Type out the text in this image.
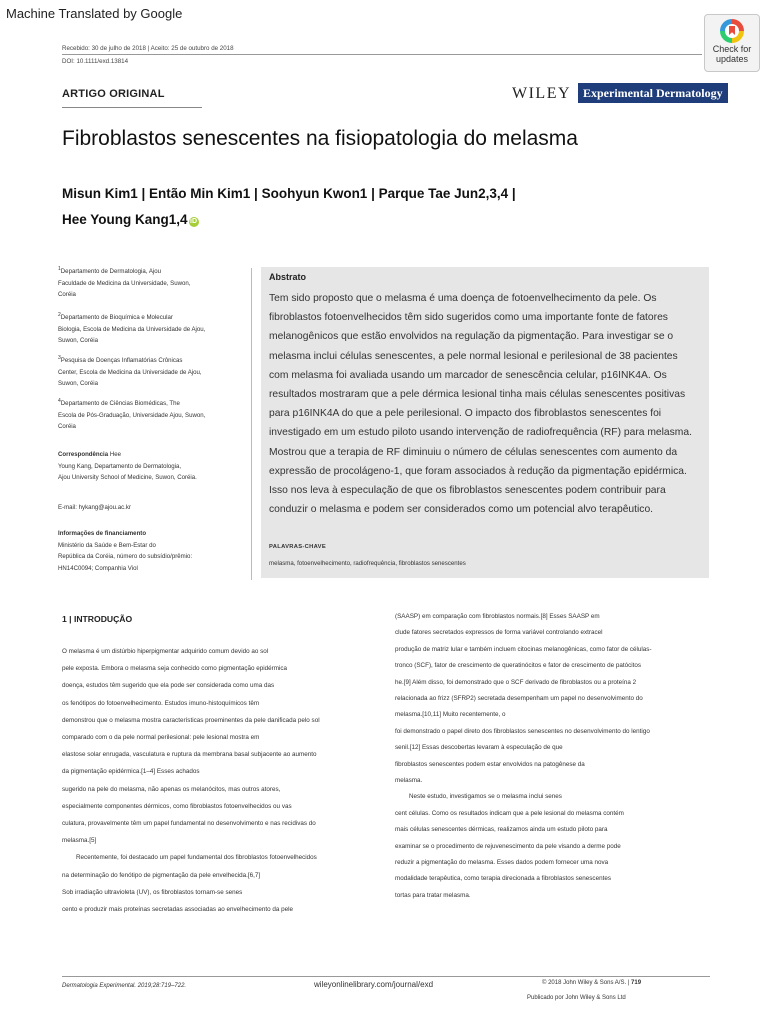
Machine Translated by Google
Check for
updates
Recebido: 30 de julho de 2018 | Aceito: 25 de outubro de 2018
DOI: 10.1111/exd.13814
ARTIGO ORIGINAL	WILEY Experimental Dermatology
Fibroblastos senescentes na fisiopatologia do melasma
Misun Kim1 | Então Min Kim1 | Soohyun Kwon1 | Parque Tae Jun2,3,4 |
Hee Young Kang1,4 iD
$^1$Departamento de Dermatologia, Ajou
Faculdade de Medicina da Universidade, Suwon,
Coréia
$^2$Departamento de Bioquímica e Molecular
Biologia, Escola de Medicina da Universidade de Ajou,
Suwon, Coréia
$^3$Pesquisa de Doenças Inflamatórias Crônicas
Center, Escola de Medicina da Universidade de Ajou,
Suwon, Coréia
$^4$Departamento de Ciências Biomédicas, The
Escola de Pós-Graduação, Universidade Ajou, Suwon,
Coréia
Correspondência Hee
Young Kang, Departamento de Dermatologia,
Ajou University School of Medicine, Suwon, Coréia.
E-mail: hykang@ajou.ac.kr
Informações de financiamento
Ministério da Saúde e Bem-Estar do
República da Coréia, número do subsídio/prêmio:
HN14C0094; Companhia Viol
Abstrato
Tem sido proposto que o melasma é uma doença de fotoenvelhecimento da pele. Os
fibroblastos fotoenvelhecidos têm sido sugeridos como uma importante fonte de fatores
melanogênicos que estão envolvidos na regulação da pigmentação. Para investigar se o
melasma inclui células senescentes, a pele normal lesional e perilesional de 38 pacientes
com melasma foi avaliada usando um marcador de senescência celular, p16INK4A. Os
resultados mostraram que a pele dérmica lesional tinha mais células senescentes positivas
para p16INK4A do que a pele perilesional. O impacto dos fibroblastos senescentes foi
investigado em um estudo piloto usando intervenção de radiofrequência (RF) para melasma.
Mostrou que a terapia de RF diminuiu o número de células senescentes com aumento da
expressão de procolágeno-1, que foram associados à redução da pigmentação epidérmica.
Isso nos leva à especulação de que os fibroblastos senescentes podem contribuir para
conduzir o melasma e podem ser considerados como um potencial alvo terapêutico.
PALAVRAS-CHAVE
melasma, fotoenvelhecimento, radiofrequência, fibroblastos senescentes
1 | INTRODUÇÃO
O melasma é um distúrbio hiperpigmentar adquirido comum devido ao sol
pele exposta. Embora o melasma seja conhecido como pigmentação epidérmica
doença, estudos têm sugerido que ela pode ser considerada como uma das
os fenótipos do fotoenvelhecimento. Estudos imuno-histoquímicos têm
demonstrou que o melasma mostra características proeminentes da pele danificada pelo sol
comparado com o da pele normal perilesional: pele lesional mostra em
elastose solar enrugada, vasculatura e ruptura da membrana basal subjacente ao aumento
da pigmentação epidérmica.[1–4] Esses achados
sugerido na pele do melasma, não apenas os melanócitos, mas outros atores,
especialmente componentes dérmicos, como fibroblastos fotoenvelhecidos ou vas
culatura, provavelmente têm um papel fundamental no desenvolvimento e nas recidivas do
melasma.[5]
Recentemente, foi destacado um papel fundamental dos fibroblastos fotoenvelhecidos
na determinação do fenótipo de pigmentação da pele envelhecida.[6,7]
Sob irradiação ultravioleta (UV), os fibroblastos tornam-se senes
cento e produzir mais proteínas secretadas associadas ao envelhecimento da pele
(SAASP) em comparação com fibroblastos normais.[8] Esses SAASP em
clude fatores secretados expressos de forma variável controlando extracel
produção de matriz lular e também incluem citocinas melanogênicas, como fator de células-
tronco (SCF), fator de crescimento de queratinócitos e fator de crescimento de patócitos
he.[9] Além disso, foi demonstrado que o SCF derivado de fibroblastos ou a proteína 2
relacionada ao frizz (SFRP2) secretada desempenham um papel no desenvolvimento do
melasma.[10,11] Muito recentemente, o
foi demonstrado o papel direto dos fibroblastos senescentes no desenvolvimento do lentigo
senil.[12] Essas descobertas levaram à especulação de que
fibroblastos senescentes podem estar envolvidos na patogênese da
melasma.
Neste estudo, investigamos se o melasma inclui senes
cent células. Como os resultados indicam que a pele lesional do melasma contém
mais células senescentes dérmicas, realizamos ainda um estudo piloto para
examinar se o procedimento de rejuvenescimento da pele visando a derme pode
reduzir a pigmentação do melasma. Esses dados podem fornecer uma nova
modalidade terapêutica, como terapia direcionada a fibroblastos senescentes
tortas para tratar melasma.
Dermatologia Experimental. 2019;28:719–722.	wileyonlinelibrary.com/journal/exd	© 2018 John Wiley & Sons A/S. | 719
Publicado por John Wiley & Sons Ltd
